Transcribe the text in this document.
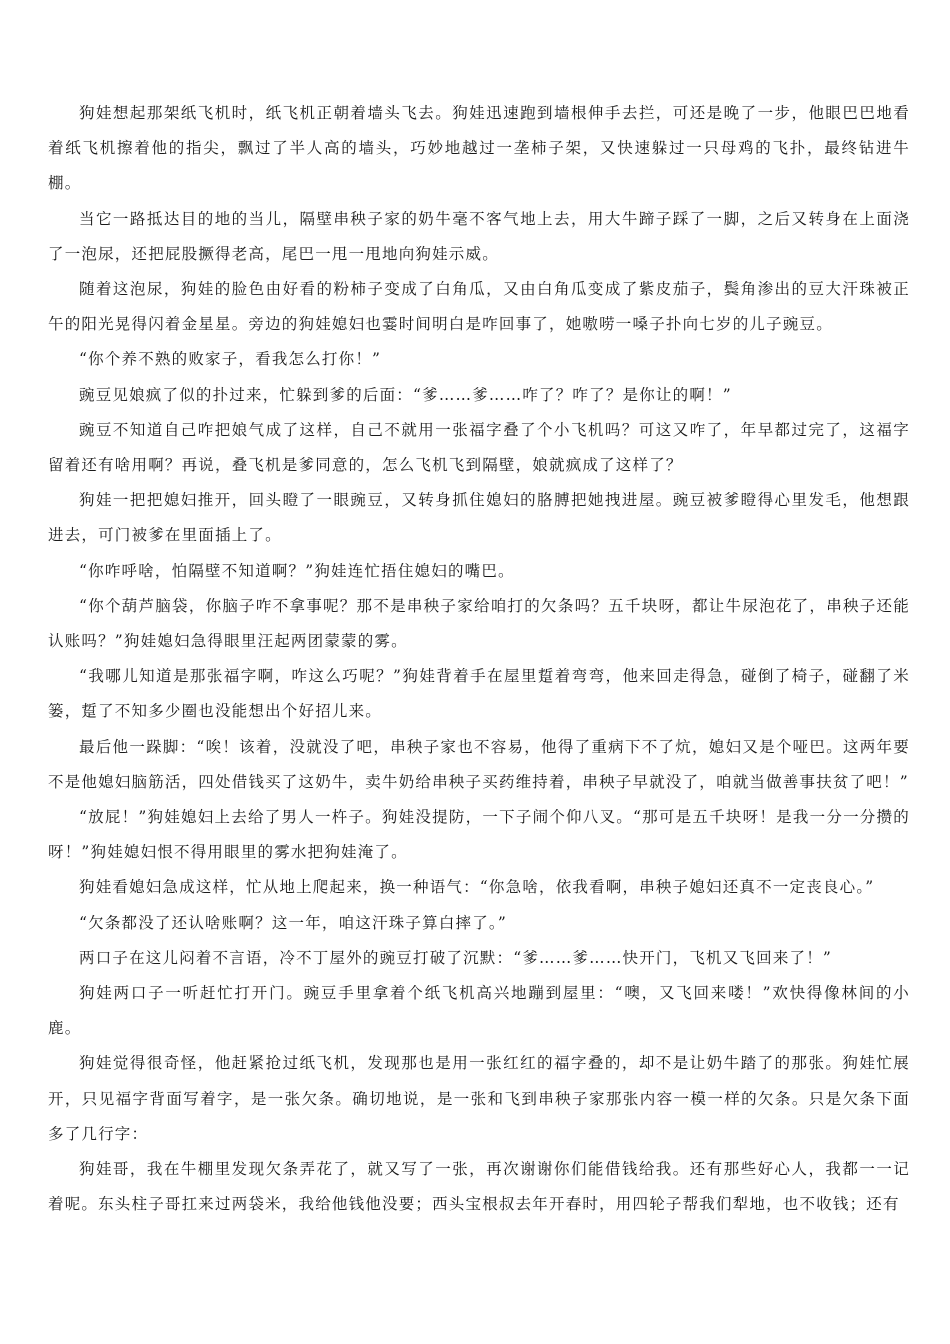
狗娃想起那架纸飞机时，纸飞机正朝着墙头飞去。狗娃迅速跑到墙根伸手去拦，可还是晚了一步，他眼巴巴地看着纸飞机擦着他的指尖，飘过了半人高的墙头，巧妙地越过一垄柿子架，又快速躲过一只母鸡的飞扑，最终钻进牛棚。

当它一路抵达目的地的当儿，隔壁串秧子家的奶牛毫不客气地上去，用大牛蹄子踩了一脚，之后又转身在上面浇了一泡尿，还把屁股撅得老高，尾巴一甩一甩地向狗娃示威。

随着这泡尿，狗娃的脸色由好看的粉柿子变成了白角瓜，又由白角瓜变成了紫皮茄子，鬓角渗出的豆大汗珠被正午的阳光晃得闪着金星星。旁边的狗娃媳妇也霎时间明白是咋回事了，她嗷唠一嗓子扑向七岁的儿子豌豆。

“你个养不熟的败家子，看我怎么打你！”

豌豆见娘疯了似的扑过来，忙躲到爹的后面：“爹……爹……咋了？咋了？是你让的啊！”

豌豆不知道自己咋把娘气成了这样，自己不就用一张福字叠了个小飞机吗？可这又咋了，年早都过完了，这福字留着还有啥用啊？再说，叠飞机是爹同意的，怎么飞机飞到隔壁，娘就疯成了这样了？

狗娃一把把媳妇推开，回头瞪了一眼豌豆，又转身抓住媳妇的胳膊把她拽进屋。豌豆被爹瞪得心里发毛，他想跟进去，可门被爹在里面插上了。

“你咋呼啥，怕隔壁不知道啊？”狗娃连忙捂住媳妇的嘴巴。

“你个葫芦脑袋，你脑子咋不拿事呢？那不是串秧子家给咱打的欠条吗？五千块呀，都让牛尿泡花了，串秧子还能认账吗？”狗娃媳妇急得眼里汪起两团蒙蒙的雾。

“我哪儿知道是那张福字啊，咋这么巧呢？”狗娃背着手在屋里踅着弯弯，他来回走得急，碰倒了椅子，碰翻了米篓，踅了不知多少圈也没能想出个好招儿来。

最后他一跺脚：“唉！该着，没就没了吧，串秧子家也不容易，他得了重病下不了炕，媳妇又是个哑巴。这两年要不是他媳妇脑筋活，四处借钱买了这奶牛，卖牛奶给串秧子买药维持着，串秧子早就没了，咱就当做善事扶贫了吧！”

“放屁！”狗娃媳妇上去给了男人一杵子。狗娃没提防，一下子闹个仰八叉。“那可是五千块呀！是我一分一分攒的呀！”狗娃媳妇恨不得用眼里的雾水把狗娃淹了。

狗娃看媳妇急成这样，忙从地上爬起来，换一种语气：“你急啥，依我看啊，串秧子媳妇还真不一定丧良心。”

“欠条都没了还认啥账啊？这一年，咱这汗珠子算白摔了。”

两口子在这儿闷着不言语，冷不丁屋外的豌豆打破了沉默：“爹……爹……快开门，飞机又飞回来了！”

狗娃两口子一听赶忙打开门。豌豆手里拿着个纸飞机高兴地蹦到屋里：“噢，又飞回来喽！”欢快得像林间的小鹿。

狗娃觉得很奇怪，他赶紧抢过纸飞机，发现那也是用一张红红的福字叠的，却不是让奶牛踏了的那张。狗娃忙展开，只见福字背面写着字，是一张欠条。确切地说，是一张和飞到串秧子家那张内容一模一样的欠条。只是欠条下面多了几行字：

狗娃哥，我在牛棚里发现欠条弄花了，就又写了一张，再次谢谢你们能借钱给我。还有那些好心人，我都一一记着呢。东头柱子哥扛来过两袋米，我给他钱他没要；西头宝根叔去年开春时，用四轮子帮我们犁地，也不收钱；还有
